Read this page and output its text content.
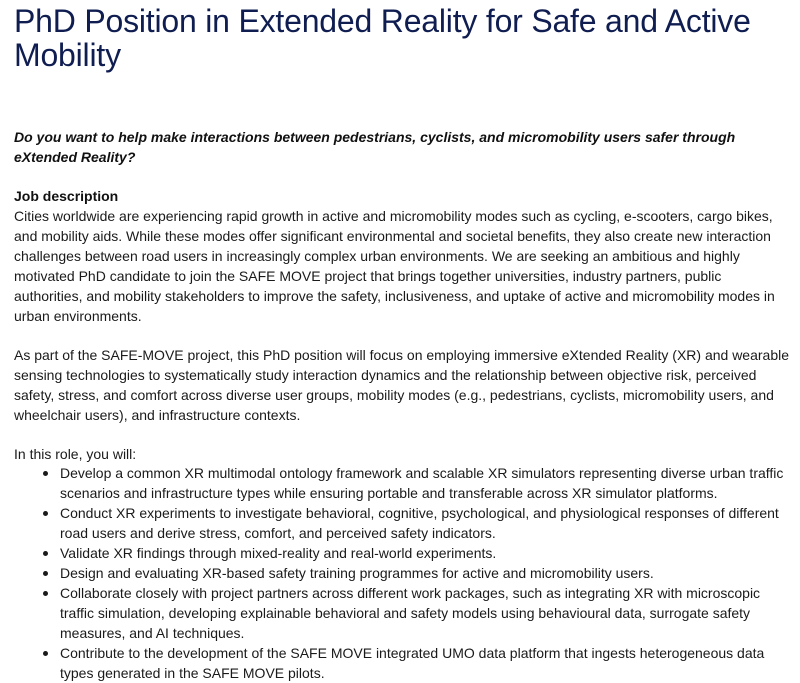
PhD Position in Extended Reality for Safe and Active Mobility

Do you want to help make interactions between pedestrians, cyclists, and micromobility users safer through eXtended Reality?

Job description

Cities worldwide are experiencing rapid growth in active and micromobility modes such as cycling, e-scooters, cargo bikes, and mobility aids. While these modes offer significant environmental and societal benefits, they also create new interaction challenges between road users in increasingly complex urban environments. We are seeking an ambitious and highly motivated PhD candidate to join the SAFE MOVE project that brings together universities, industry partners, public authorities, and mobility stakeholders to improve the safety, inclusiveness, and uptake of active and micromobility modes in urban environments.

As part of the SAFE-MOVE project, this PhD position will focus on employing immersive eXtended Reality (XR) and wearable sensing technologies to systematically study interaction dynamics and the relationship between objective risk, perceived safety, stress, and comfort across diverse user groups, mobility modes (e.g., pedestrians, cyclists, micromobility users, and wheelchair users), and infrastructure contexts.

In this role, you will:

Develop a common XR multimodal ontology framework and scalable XR simulators representing diverse urban traffic scenarios and infrastructure types while ensuring portable and transferable across XR simulator platforms.
Conduct XR experiments to investigate behavioral, cognitive, psychological, and physiological responses of different road users and derive stress, comfort, and perceived safety indicators.
Validate XR findings through mixed-reality and real-world experiments.
Design and evaluating XR-based safety training programmes for active and micromobility users.
Collaborate closely with project partners across different work packages, such as integrating XR with microscopic traffic simulation, developing explainable behavioral and safety models using behavioural data, surrogate safety measures, and AI techniques.
Contribute to the development of the SAFE MOVE integrated UMO data platform that ingests heterogeneous data types generated in the SAFE MOVE pilots.
